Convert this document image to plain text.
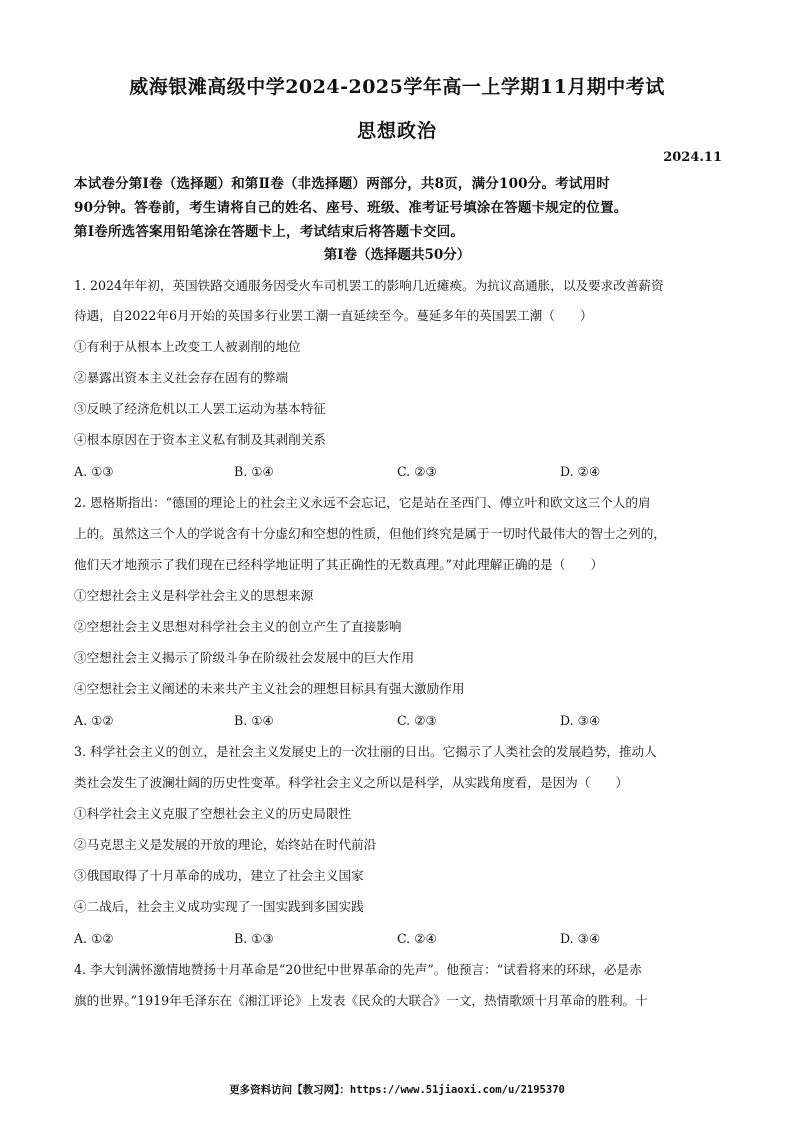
威海银滩高级中学2024-2025学年高一上学期11月期中考试
思想政治
2024.11
本试卷分第Ⅰ卷（选择题）和第Ⅱ卷（非选择题）两部分，共8页，满分100分。考试用时
90分钟。答卷前，考生请将自己的姓名、座号、班级、准考证号填涂在答题卡规定的位置。
第Ⅰ卷所选答案用铅笔涂在答题卡上，考试结束后将答题卡交回。
第Ⅰ卷（选择题共50分）
1. 2024年年初，英国铁路交通服务因受火车司机罢工的影响几近瘫痪。为抗议高通胀，以及要求改善薪资
待遇，自2022年6月开始的英国多行业罢工潮一直延续至今。蔓延多年的英国罢工潮（　　）
①有利于从根本上改变工人被剥削的地位
②暴露出资本主义社会存在固有的弊端
③反映了经济危机以工人罢工运动为基本特征
④根本原因在于资本主义私有制及其剥削关系
A. ①③	B. ①④	C. ②③	D. ②④
2. 恩格斯指出：“德国的理论上的社会主义永远不会忘记，它是站在圣西门、傅立叶和欧文这三个人的肩
上的。虽然这三个人的学说含有十分虚幻和空想的性质，但他们终究是属于一切时代最伟大的智士之列的，
他们天才地预示了我们现在已经科学地证明了其正确性的无数真理。”对此理解正确的是（　　）
①空想社会主义是科学社会主义的思想来源
②空想社会主义思想对科学社会主义的创立产生了直接影响
③空想社会主义揭示了阶级斗争在阶级社会发展中的巨大作用
④空想社会主义阐述的未来共产主义社会的理想目标具有强大激励作用
A. ①②	B. ①④	C. ②③	D. ③④
3. 科学社会主义的创立，是社会主义发展史上的一次壮丽的日出。它揭示了人类社会的发展趋势，推动人
类社会发生了波澜壮阔的历史性变革。科学社会主义之所以是科学，从实践角度看，是因为（　　）
①科学社会主义克服了空想社会主义的历史局限性
②马克思主义是发展的开放的理论，始终站在时代前沿
③俄国取得了十月革命的成功，建立了社会主义国家
④二战后，社会主义成功实现了一国实践到多国实践
A. ①②	B. ①③	C. ②④	D. ③④
4. 李大钊满怀激情地赞扬十月革命是“20世纪中世界革命的先声”。他预言：“试看将来的环球，必是赤
旗的世界。”1919年毛泽东在《湘江评论》上发表《民众的大联合》一文，热情歌颂十月革命的胜利。十
更多资料访问【教习网】：https://www.51jiaoxi.com/u/2195370
